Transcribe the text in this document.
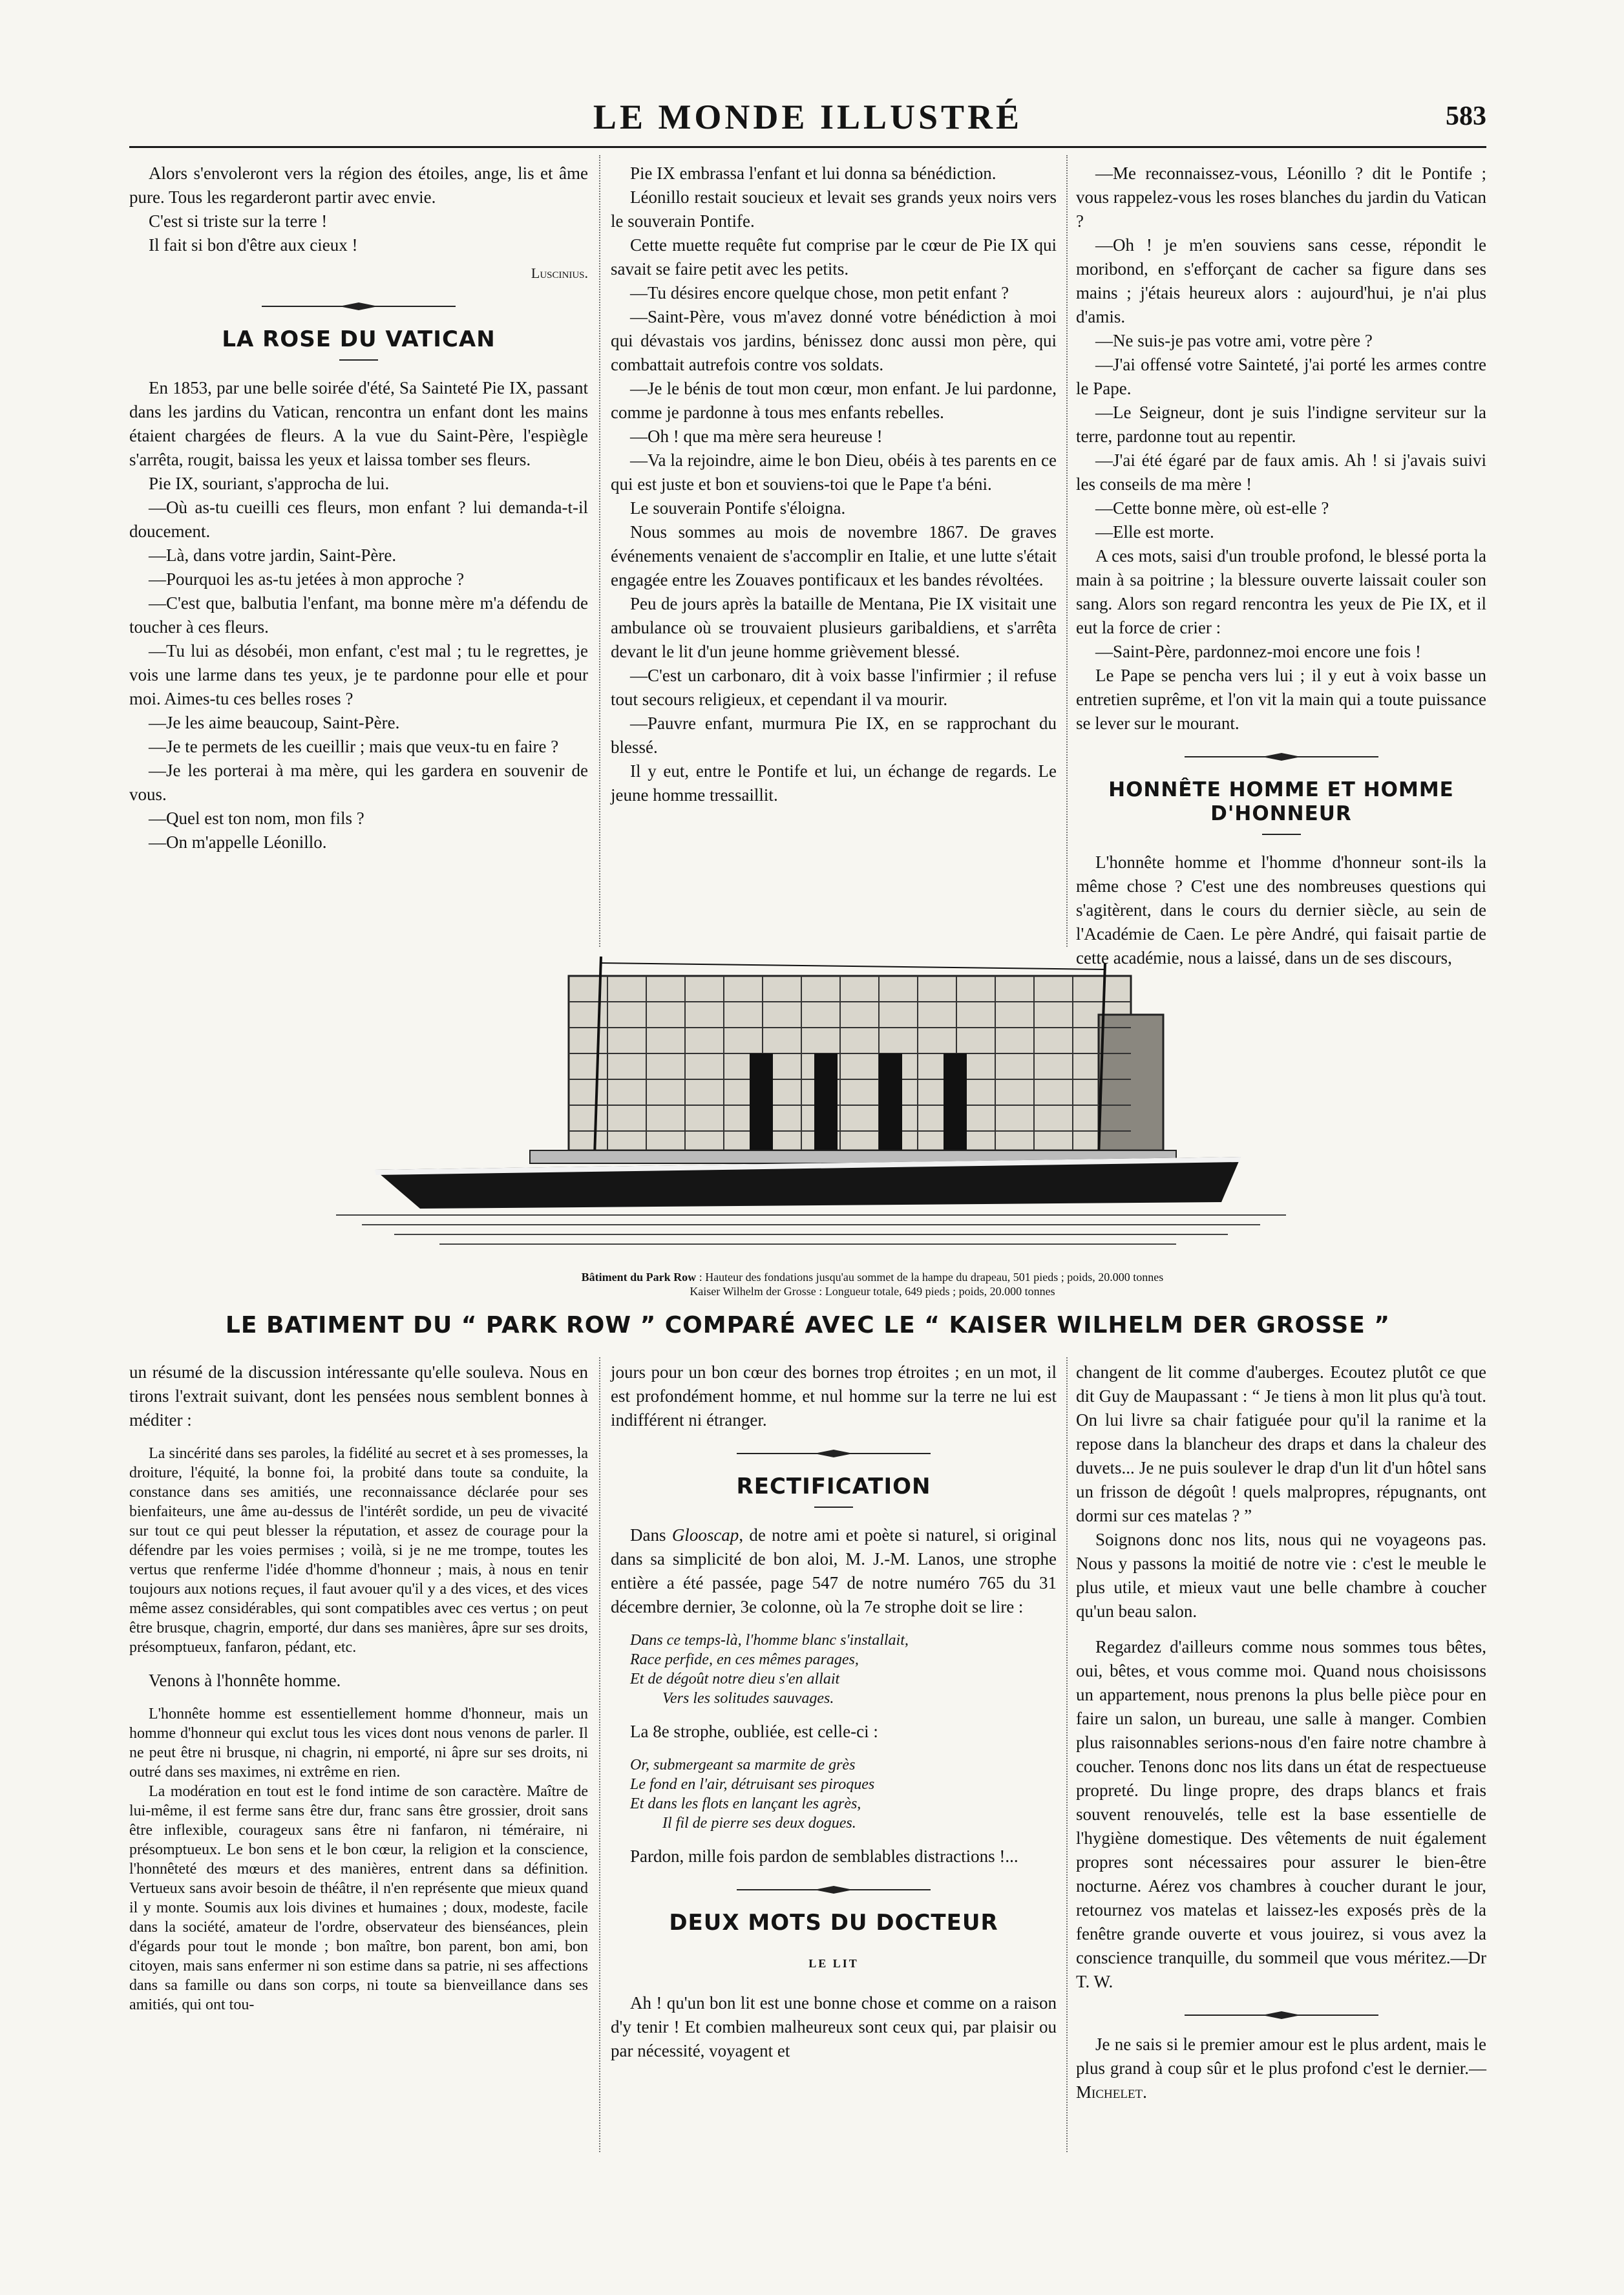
LE MONDE ILLUSTRÉ	583

Alors s'envoleront vers la région des étoiles, ange, lis et âme pure. Tous les regarderont partir avec envie.

C'est si triste sur la terre !

Il fait si bon d'être aux cieux !

Luscinius.

LA ROSE DU VATICAN

En 1853, par une belle soirée d'été, Sa Sainteté Pie IX, passant dans les jardins du Vatican, rencontra un enfant dont les mains étaient chargées de fleurs. A la vue du Saint-Père, l'espiègle s'arrêta, rougit, baissa les yeux et laissa tomber ses fleurs.

Pie IX, souriant, s'approcha de lui.

—Où as-tu cueilli ces fleurs, mon enfant ? lui demanda-t-il doucement.

—Là, dans votre jardin, Saint-Père.

—Pourquoi les as-tu jetées à mon approche ?

—C'est que, balbutia l'enfant, ma bonne mère m'a défendu de toucher à ces fleurs.

—Tu lui as désobéi, mon enfant, c'est mal ; tu le regrettes, je vois une larme dans tes yeux, je te pardonne pour elle et pour moi. Aimes-tu ces belles roses ?

—Je les aime beaucoup, Saint-Père.

—Je te permets de les cueillir ; mais que veux-tu en faire ?

—Je les porterai à ma mère, qui les gardera en souvenir de vous.

—Quel est ton nom, mon fils ?

—On m'appelle Léonillo.

Pie IX embrassa l'enfant et lui donna sa bénédiction.

Léonillo restait soucieux et levait ses grands yeux noirs vers le souverain Pontife.

Cette muette requête fut comprise par le cœur de Pie IX qui savait se faire petit avec les petits.

—Tu désires encore quelque chose, mon petit enfant ?

—Saint-Père, vous m'avez donné votre bénédiction à moi qui dévastais vos jardins, bénissez donc aussi mon père, qui combattait autrefois contre vos soldats.

—Je le bénis de tout mon cœur, mon enfant. Je lui pardonne, comme je pardonne à tous mes enfants rebelles.

—Oh ! que ma mère sera heureuse !

—Va la rejoindre, aime le bon Dieu, obéis à tes parents en ce qui est juste et bon et souviens-toi que le Pape t'a béni.

Le souverain Pontife s'éloigna.

Nous sommes au mois de novembre 1867. De graves événements venaient de s'accomplir en Italie, et une lutte s'était engagée entre les Zouaves pontificaux et les bandes révoltées.

Peu de jours après la bataille de Mentana, Pie IX visitait une ambulance où se trouvaient plusieurs garibaldiens, et s'arrêta devant le lit d'un jeune homme grièvement blessé.

—C'est un carbonaro, dit à voix basse l'infirmier ; il refuse tout secours religieux, et cependant il va mourir.

—Pauvre enfant, murmura Pie IX, en se rapprochant du blessé.

Il y eut, entre le Pontife et lui, un échange de regards. Le jeune homme tressaillit.

—Me reconnaissez-vous, Léonillo ? dit le Pontife ; vous rappelez-vous les roses blanches du jardin du Vatican ?

—Oh ! je m'en souviens sans cesse, répondit le moribond, en s'efforçant de cacher sa figure dans ses mains ; j'étais heureux alors : aujourd'hui, je n'ai plus d'amis.

—Ne suis-je pas votre ami, votre père ?

—J'ai offensé votre Sainteté, j'ai porté les armes contre le Pape.

—Le Seigneur, dont je suis l'indigne serviteur sur la terre, pardonne tout au repentir.

—J'ai été égaré par de faux amis. Ah ! si j'avais suivi les conseils de ma mère !

—Cette bonne mère, où est-elle ?

—Elle est morte.

A ces mots, saisi d'un trouble profond, le blessé porta la main à sa poitrine ; la blessure ouverte laissait couler son sang. Alors son regard rencontra les yeux de Pie IX, et il eut la force de crier :

—Saint-Père, pardonnez-moi encore une fois !

Le Pape se pencha vers lui ; il y eut à voix basse un entretien suprême, et l'on vit la main qui a toute puissance se lever sur le mourant.

HONNÊTE HOMME ET HOMME D'HONNEUR

L'honnête homme et l'homme d'honneur sont-ils la même chose ? C'est une des nombreuses questions qui s'agitèrent, dans le cours du dernier siècle, au sein de l'Académie de Caen. Le père André, qui faisait partie de cette académie, nous a laissé, dans un de ses discours,

Bâtiment du Park Row : Hauteur des fondations jusqu'au sommet de la hampe du drapeau, 501 pieds ; poids, 20.000 tonnes
Kaiser Wilhelm der Grosse : Longueur totale, 649 pieds ; poids, 20.000 tonnes
LE BATIMENT DU “ PARK ROW ” COMPARÉ AVEC LE “ KAISER WILHELM DER GROSSE ”

un résumé de la discussion intéressante qu'elle souleva. Nous en tirons l'extrait suivant, dont les pensées nous semblent bonnes à méditer :

La sincérité dans ses paroles, la fidélité au secret et à ses promesses, la droiture, l'équité, la bonne foi, la probité dans toute sa conduite, la constance dans ses amitiés, une reconnaissance déclarée pour ses bienfaiteurs, une âme au-dessus de l'intérêt sordide, un peu de vivacité sur tout ce qui peut blesser la réputation, et assez de courage pour la défendre par les voies permises ; voilà, si je ne me trompe, toutes les vertus que renferme l'idée d'homme d'honneur ; mais, à nous en tenir toujours aux notions reçues, il faut avouer qu'il y a des vices, et des vices même assez considérables, qui sont compatibles avec ces vertus ; on peut être brusque, chagrin, emporté, dur dans ses manières, âpre sur ses droits, présomptueux, fanfaron, pédant, etc.

Venons à l'honnête homme.

L'honnête homme est essentiellement homme d'honneur, mais un homme d'honneur qui exclut tous les vices dont nous venons de parler. Il ne peut être ni brusque, ni chagrin, ni emporté, ni âpre sur ses droits, ni outré dans ses maximes, ni extrême en rien.

La modération en tout est le fond intime de son caractère. Maître de lui-même, il est ferme sans être dur, franc sans être grossier, droit sans être inflexible, courageux sans être ni fanfaron, ni téméraire, ni présomptueux. Le bon sens et le bon cœur, la religion et la conscience, l'honnêteté des mœurs et des manières, entrent dans sa définition. Vertueux sans avoir besoin de théâtre, il n'en représente que mieux quand il y monte. Soumis aux lois divines et humaines ; doux, modeste, facile dans la société, amateur de l'ordre, observateur des bienséances, plein d'égards pour tout le monde ; bon maître, bon parent, bon ami, bon citoyen, mais sans enfermer ni son estime dans sa patrie, ni ses affections dans sa famille ou dans son corps, ni toute sa bienveillance dans ses amitiés, qui ont tou-

jours pour un bon cœur des bornes trop étroites ; en un mot, il est profondément homme, et nul homme sur la terre ne lui est indifférent ni étranger.

RECTIFICATION

Dans Glooscap, de notre ami et poète si naturel, si original dans sa simplicité de bon aloi, M. J.-M. Lanos, une strophe entière a été passée, page 547 de notre numéro 765 du 31 décembre dernier, 3e colonne, où la 7e strophe doit se lire :

Dans ce temps-là, l'homme blanc s'installait,
Race perfide, en ces mêmes parages,
Et de dégoût notre dieu s'en allait
Vers les solitudes sauvages.

La 8e strophe, oubliée, est celle-ci :

Or, submergeant sa marmite de grès
Le fond en l'air, détruisant ses piroques
Et dans les flots en lançant les agrès,
Il fil de pierre ses deux dogues.

Pardon, mille fois pardon de semblables distractions !...

DEUX MOTS DU DOCTEUR
LE LIT

Ah ! qu'un bon lit est une bonne chose et comme on a raison d'y tenir ! Et combien malheureux sont ceux qui, par plaisir ou par nécessité, voyagent et

changent de lit comme d'auberges. Ecoutez plutôt ce que dit Guy de Maupassant : “ Je tiens à mon lit plus qu'à tout. On lui livre sa chair fatiguée pour qu'il la ranime et la repose dans la blancheur des draps et dans la chaleur des duvets... Je ne puis soulever le drap d'un lit d'un hôtel sans un frisson de dégoût ! quels malpropres, répugnants, ont dormi sur ces matelas ? ”

Soignons donc nos lits, nous qui ne voyageons pas. Nous y passons la moitié de notre vie : c'est le meuble le plus utile, et mieux vaut une belle chambre à coucher qu'un beau salon.

Regardez d'ailleurs comme nous sommes tous bêtes, oui, bêtes, et vous comme moi. Quand nous choisissons un appartement, nous prenons la plus belle pièce pour en faire un salon, un bureau, une salle à manger. Combien plus raisonnables serions-nous d'en faire notre chambre à coucher. Tenons donc nos lits dans un état de respectueuse propreté. Du linge propre, des draps blancs et frais souvent renouvelés, telle est la base essentielle de l'hygiène domestique. Des vêtements de nuit également propres sont nécessaires pour assurer le bien-être nocturne. Aérez vos chambres à coucher durant le jour, retournez vos matelas et laissez-les exposés près de la fenêtre grande ouverte et vous jouirez, si vous avez la conscience tranquille, du sommeil que vous méritez.—Dr T. W.

Je ne sais si le premier amour est le plus ardent, mais le plus grand à coup sûr et le plus profond c'est le dernier.—Michelet.
